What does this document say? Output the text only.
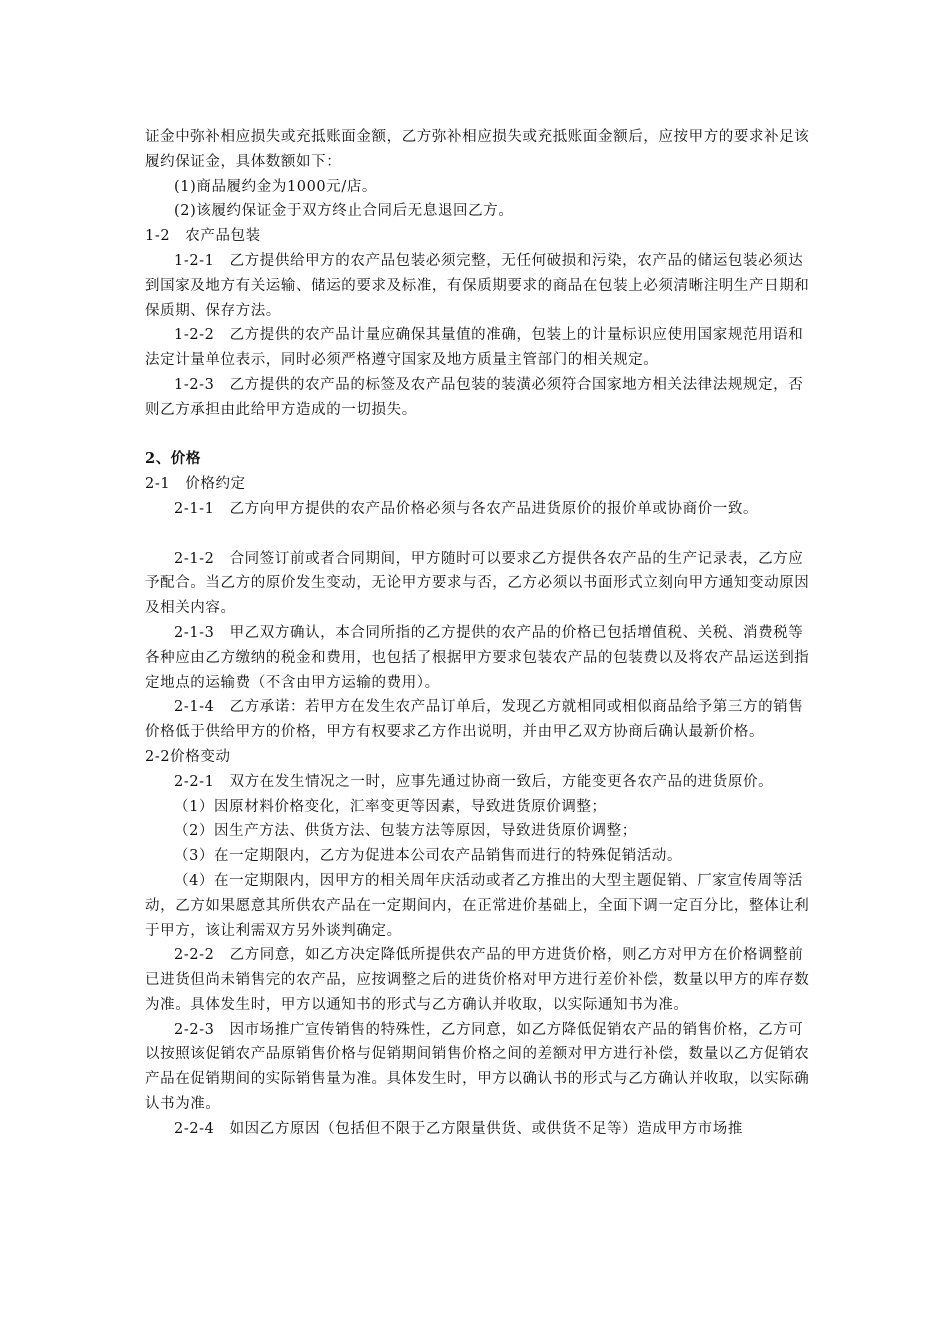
证金中弥补相应损失或充抵账面金额，乙方弥补相应损失或充抵账面金额后，应按甲方的要求补足该履约保证金，具体数额如下：

(1)商品履约金为1000元/店。

(2)该履约保证金于双方终止合同后无息退回乙方。

1-2　农产品包装

1-2-1　乙方提供给甲方的农产品包装必须完整，无任何破损和污染，农产品的储运包装必须达到国家及地方有关运输、储运的要求及标准，有保质期要求的商品在包装上必须清晰注明生产日期和保质期、保存方法。

1-2-2　乙方提供的农产品计量应确保其量值的准确，包装上的计量标识应使用国家规范用语和法定计量单位表示，同时必须严格遵守国家及地方质量主管部门的相关规定。

1-2-3　乙方提供的农产品的标签及农产品包装的装潢必须符合国家地方相关法律法规规定，否则乙方承担由此给甲方造成的一切损失。

2、价格

2-1　价格约定

2-1-1　乙方向甲方提供的农产品价格必须与各农产品进货原价的报价单或协商价一致。

2-1-2　合同签订前或者合同期间，甲方随时可以要求乙方提供各农产品的生产记录表，乙方应予配合。当乙方的原价发生变动，无论甲方要求与否，乙方必须以书面形式立刻向甲方通知变动原因及相关内容。

2-1-3　甲乙双方确认，本合同所指的乙方提供的农产品的价格已包括增值税、关税、消费税等各种应由乙方缴纳的税金和费用，也包括了根据甲方要求包装农产品的包装费以及将农产品运送到指定地点的运输费（不含由甲方运输的费用）。

2-1-4　乙方承诺：若甲方在发生农产品订单后，发现乙方就相同或相似商品给予第三方的销售价格低于供给甲方的价格，甲方有权要求乙方作出说明，并由甲乙双方协商后确认最新价格。

2-2价格变动

2-2-1　双方在发生情况之一时，应事先通过协商一致后，方能变更各农产品的进货原价。

（1）因原材料价格变化，汇率变更等因素，导致进货原价调整；

（2）因生产方法、供货方法、包装方法等原因，导致进货原价调整；

（3）在一定期限内，乙方为促进本公司农产品销售而进行的特殊促销活动。

（4）在一定期限内，因甲方的相关周年庆活动或者乙方推出的大型主题促销、厂家宣传周等活动，乙方如果愿意其所供农产品在一定期间内，在正常进价基础上，全面下调一定百分比，整体让利于甲方，该让利需双方另外谈判确定。

2-2-2　乙方同意，如乙方决定降低所提供农产品的甲方进货价格，则乙方对甲方在价格调整前已进货但尚未销售完的农产品，应按调整之后的进货价格对甲方进行差价补偿，数量以甲方的库存数为准。具体发生时，甲方以通知书的形式与乙方确认并收取，以实际通知书为准。

2-2-3　因市场推广宣传销售的特殊性，乙方同意，如乙方降低促销农产品的销售价格，乙方可以按照该促销农产品原销售价格与促销期间销售价格之间的差额对甲方进行补偿，数量以乙方促销农产品在促销期间的实际销售量为准。具体发生时，甲方以确认书的形式与乙方确认并收取，以实际确认书为准。

2-2-4　如因乙方原因（包括但不限于乙方限量供货、或供货不足等）造成甲方市场推
